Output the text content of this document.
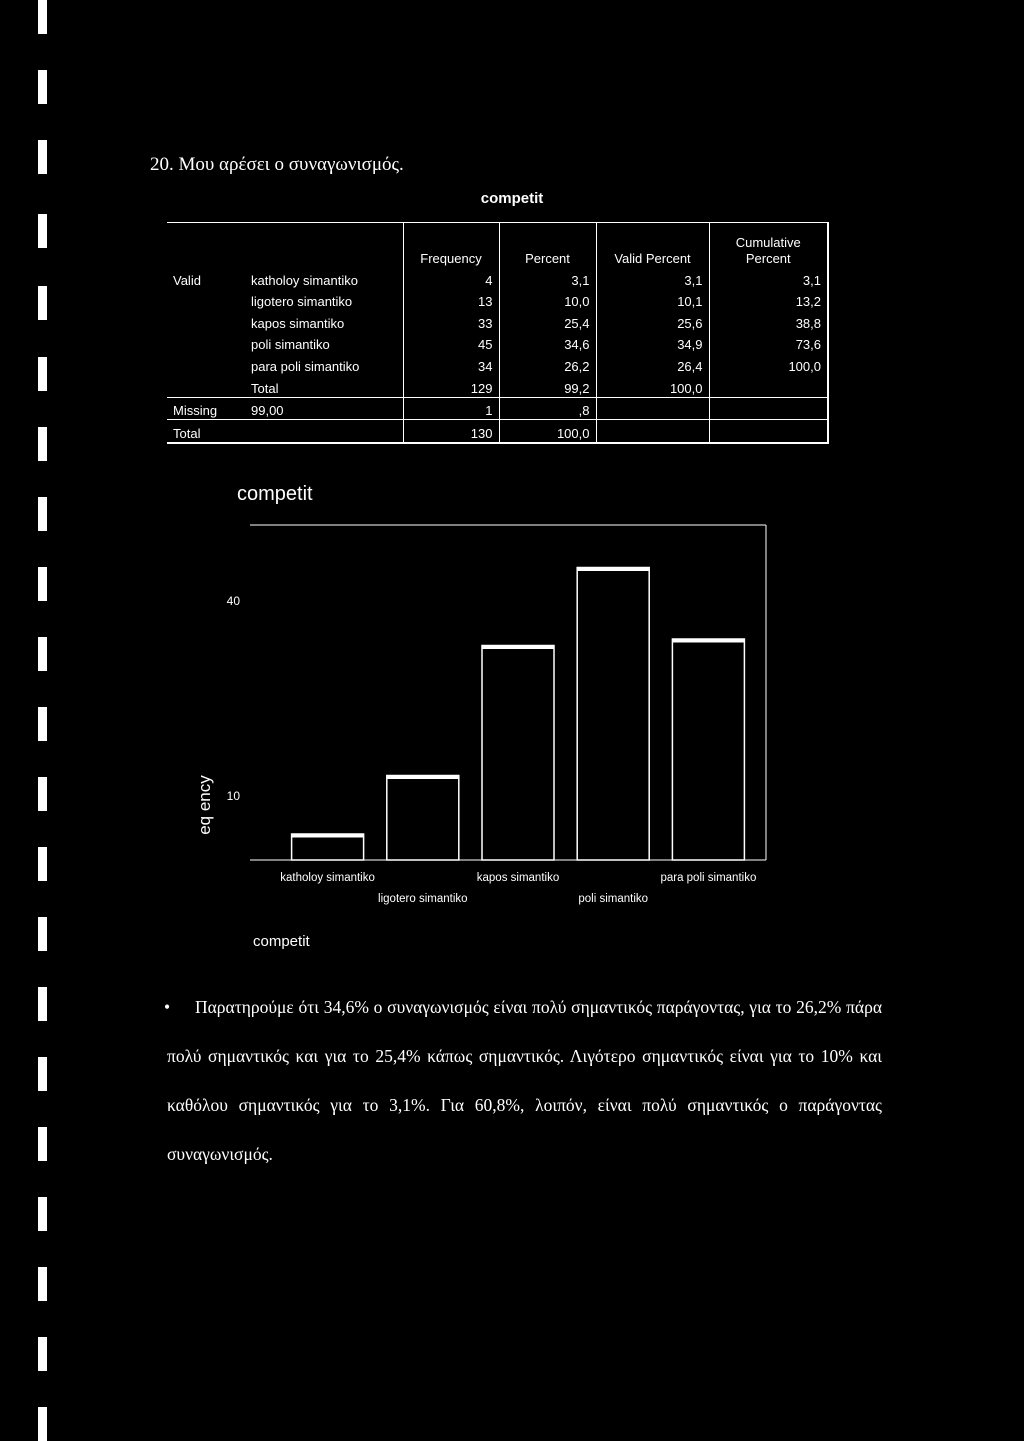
20. Μου αρέσει ο συναγωνισμός.
competit
		Frequency	Percent	Valid Percent	Cumulative
Percent
Valid	katholoy simantiko	4	3,1	3,1	3,1
	ligotero simantiko	13	10,0	10,1	13,2
	kapos simantiko	33	25,4	25,6	38,8
	poli simantiko	45	34,6	34,9	73,6
	para poli simantiko	34	26,2	26,4	100,0
	Total	129	99,2	100,0	
Missing	99,00	1	,8		
Total		130	100,0		
competit
10
40
eq ency
katholoy simantiko
ligotero simantiko
kapos simantiko
poli simantiko
para poli simantiko
competit
•	Παρατηρούμε ότι 34,6% ο συναγωνισμός είναι πολύ σημαντικός παράγοντας, για το 26,2% πάρα πολύ σημαντικός και για το 25,4% κάπως σημαντικός. Λιγότερο σημαντικός είναι για το 10% και καθόλου σημαντικός για το 3,1%. Για 60,8%, λοιπόν, είναι πολύ σημαντικός ο παράγοντας συναγωνισμός.
